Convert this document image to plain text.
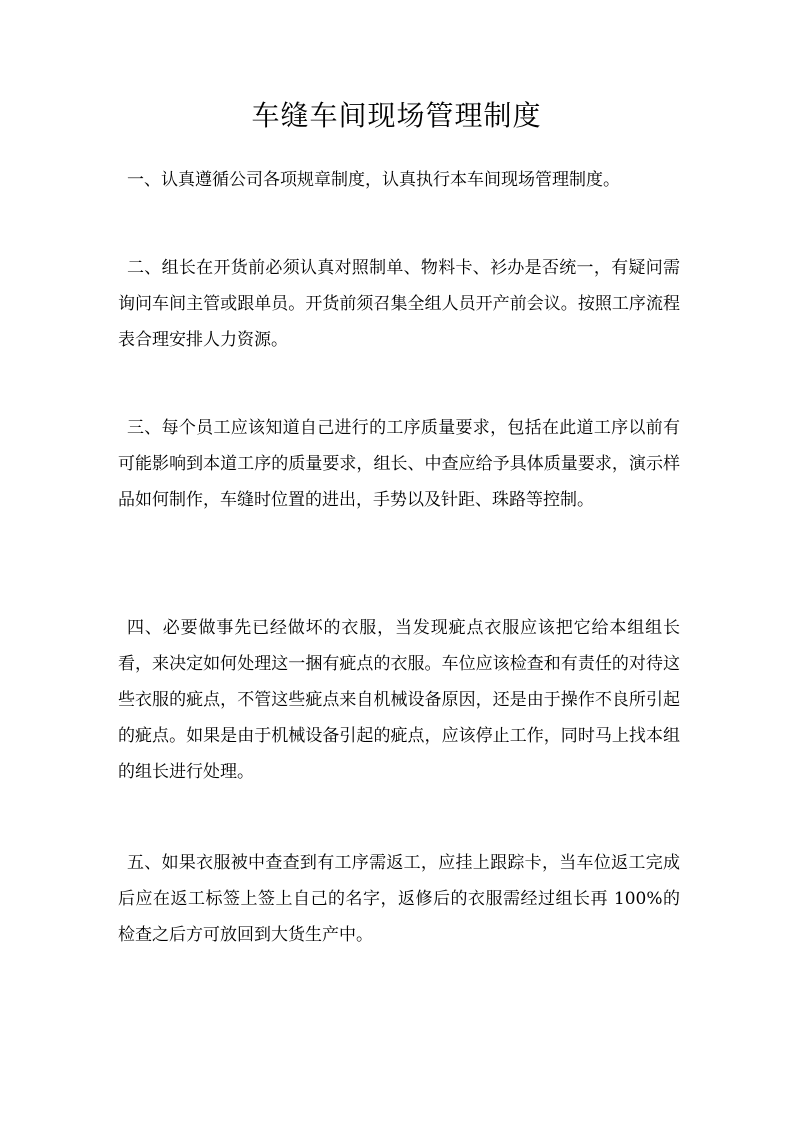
车缝车间现场管理制度

一、认真遵循公司各项规章制度，认真执行本车间现场管理制度。

二、组长在开货前必须认真对照制单、物料卡、衫办是否统一，有疑问需询问车间主管或跟单员。开货前须召集全组人员开产前会议。按照工序流程表合理安排人力资源。

三、每个员工应该知道自己进行的工序质量要求，包括在此道工序以前有可能影响到本道工序的质量要求，组长、中查应给予具体质量要求，演示样品如何制作，车缝时位置的进出，手势以及针距、珠路等控制。

四、必要做事先已经做坏的衣服，当发现疵点衣服应该把它给本组组长看，来决定如何处理这一捆有疵点的衣服。车位应该检查和有责任的对待这些衣服的疵点，不管这些疵点来自机械设备原因，还是由于操作不良所引起的疵点。如果是由于机械设备引起的疵点，应该停止工作，同时马上找本组的组长进行处理。

五、如果衣服被中查查到有工序需返工，应挂上跟踪卡，当车位返工完成后应在返工标签上签上自己的名字，返修后的衣服需经过组长再 100%的检查之后方可放回到大货生产中。
